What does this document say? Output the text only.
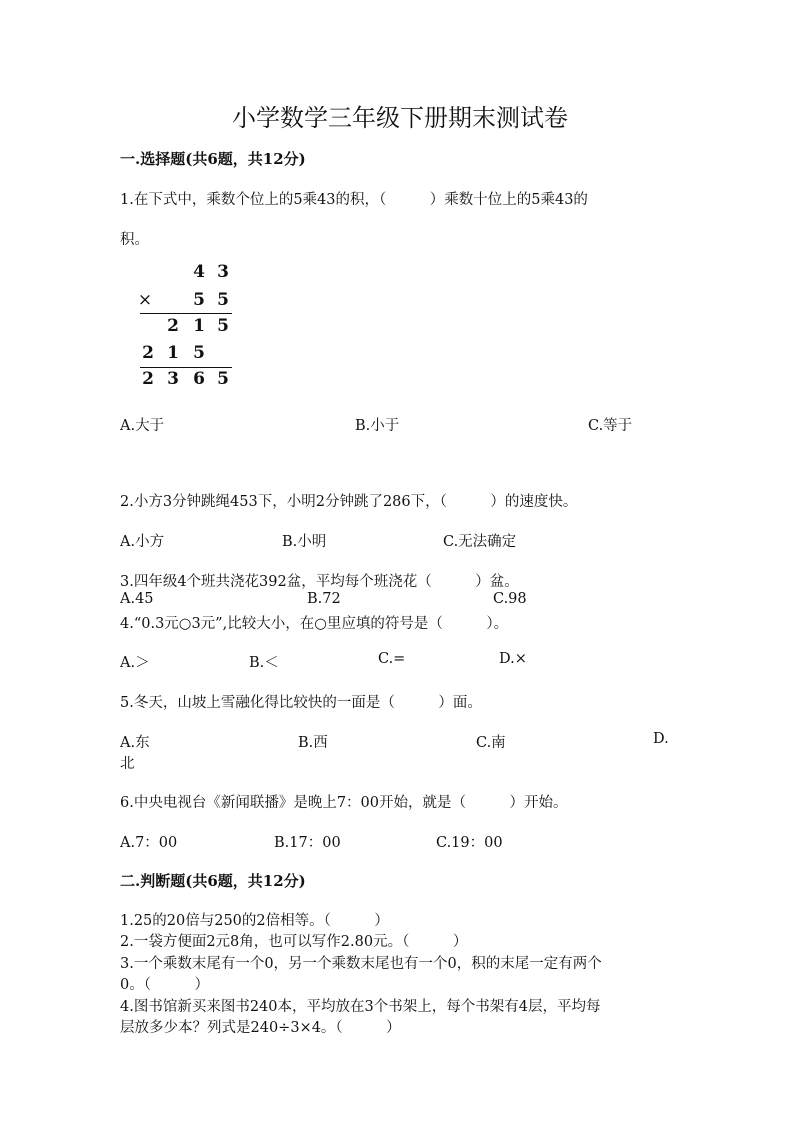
小学数学三年级下册期末测试卷
一.选择题(共6题，共12分)
1.在下式中，乘数个位上的5乘43的积，（　　　）乘数十位上的5乘43的
积。
4 3
× 5 5
2 1 5
2 1 5
2 3 6 5
A.大于	B.小于	C.等于
2.小方3分钟跳绳453下，小明2分钟跳了286下，（　　　）的速度快。
A.小方	B.小明	C.无法确定
3.四年级4个班共浇花392盆，平均每个班浇花（　　　）盆。
A.45	B.72	C.98
4.“0.3元○3元”,比较大小，在○里应填的符号是（　　　）。
A.＞	B.＜	C.=	D.×
5.冬天，山坡上雪融化得比较快的一面是（　　　）面。
A.东	B.西	C.南	D.
北
6.中央电视台《新闻联播》是晚上7：00开始，就是（　　　）开始。
A.7：00	B.17：00	C.19：00
二.判断题(共6题，共12分)
1.25的20倍与250的2倍相等。（　　　）
2.一袋方便面2元8角，也可以写作2.80元。（　　　）
3.一个乘数末尾有一个0，另一个乘数末尾也有一个0，积的末尾一定有两个
0。（　　　）
4.图书馆新买来图书240本，平均放在3个书架上，每个书架有4层，平均每
层放多少本？列式是240÷3×4。（　　　）
